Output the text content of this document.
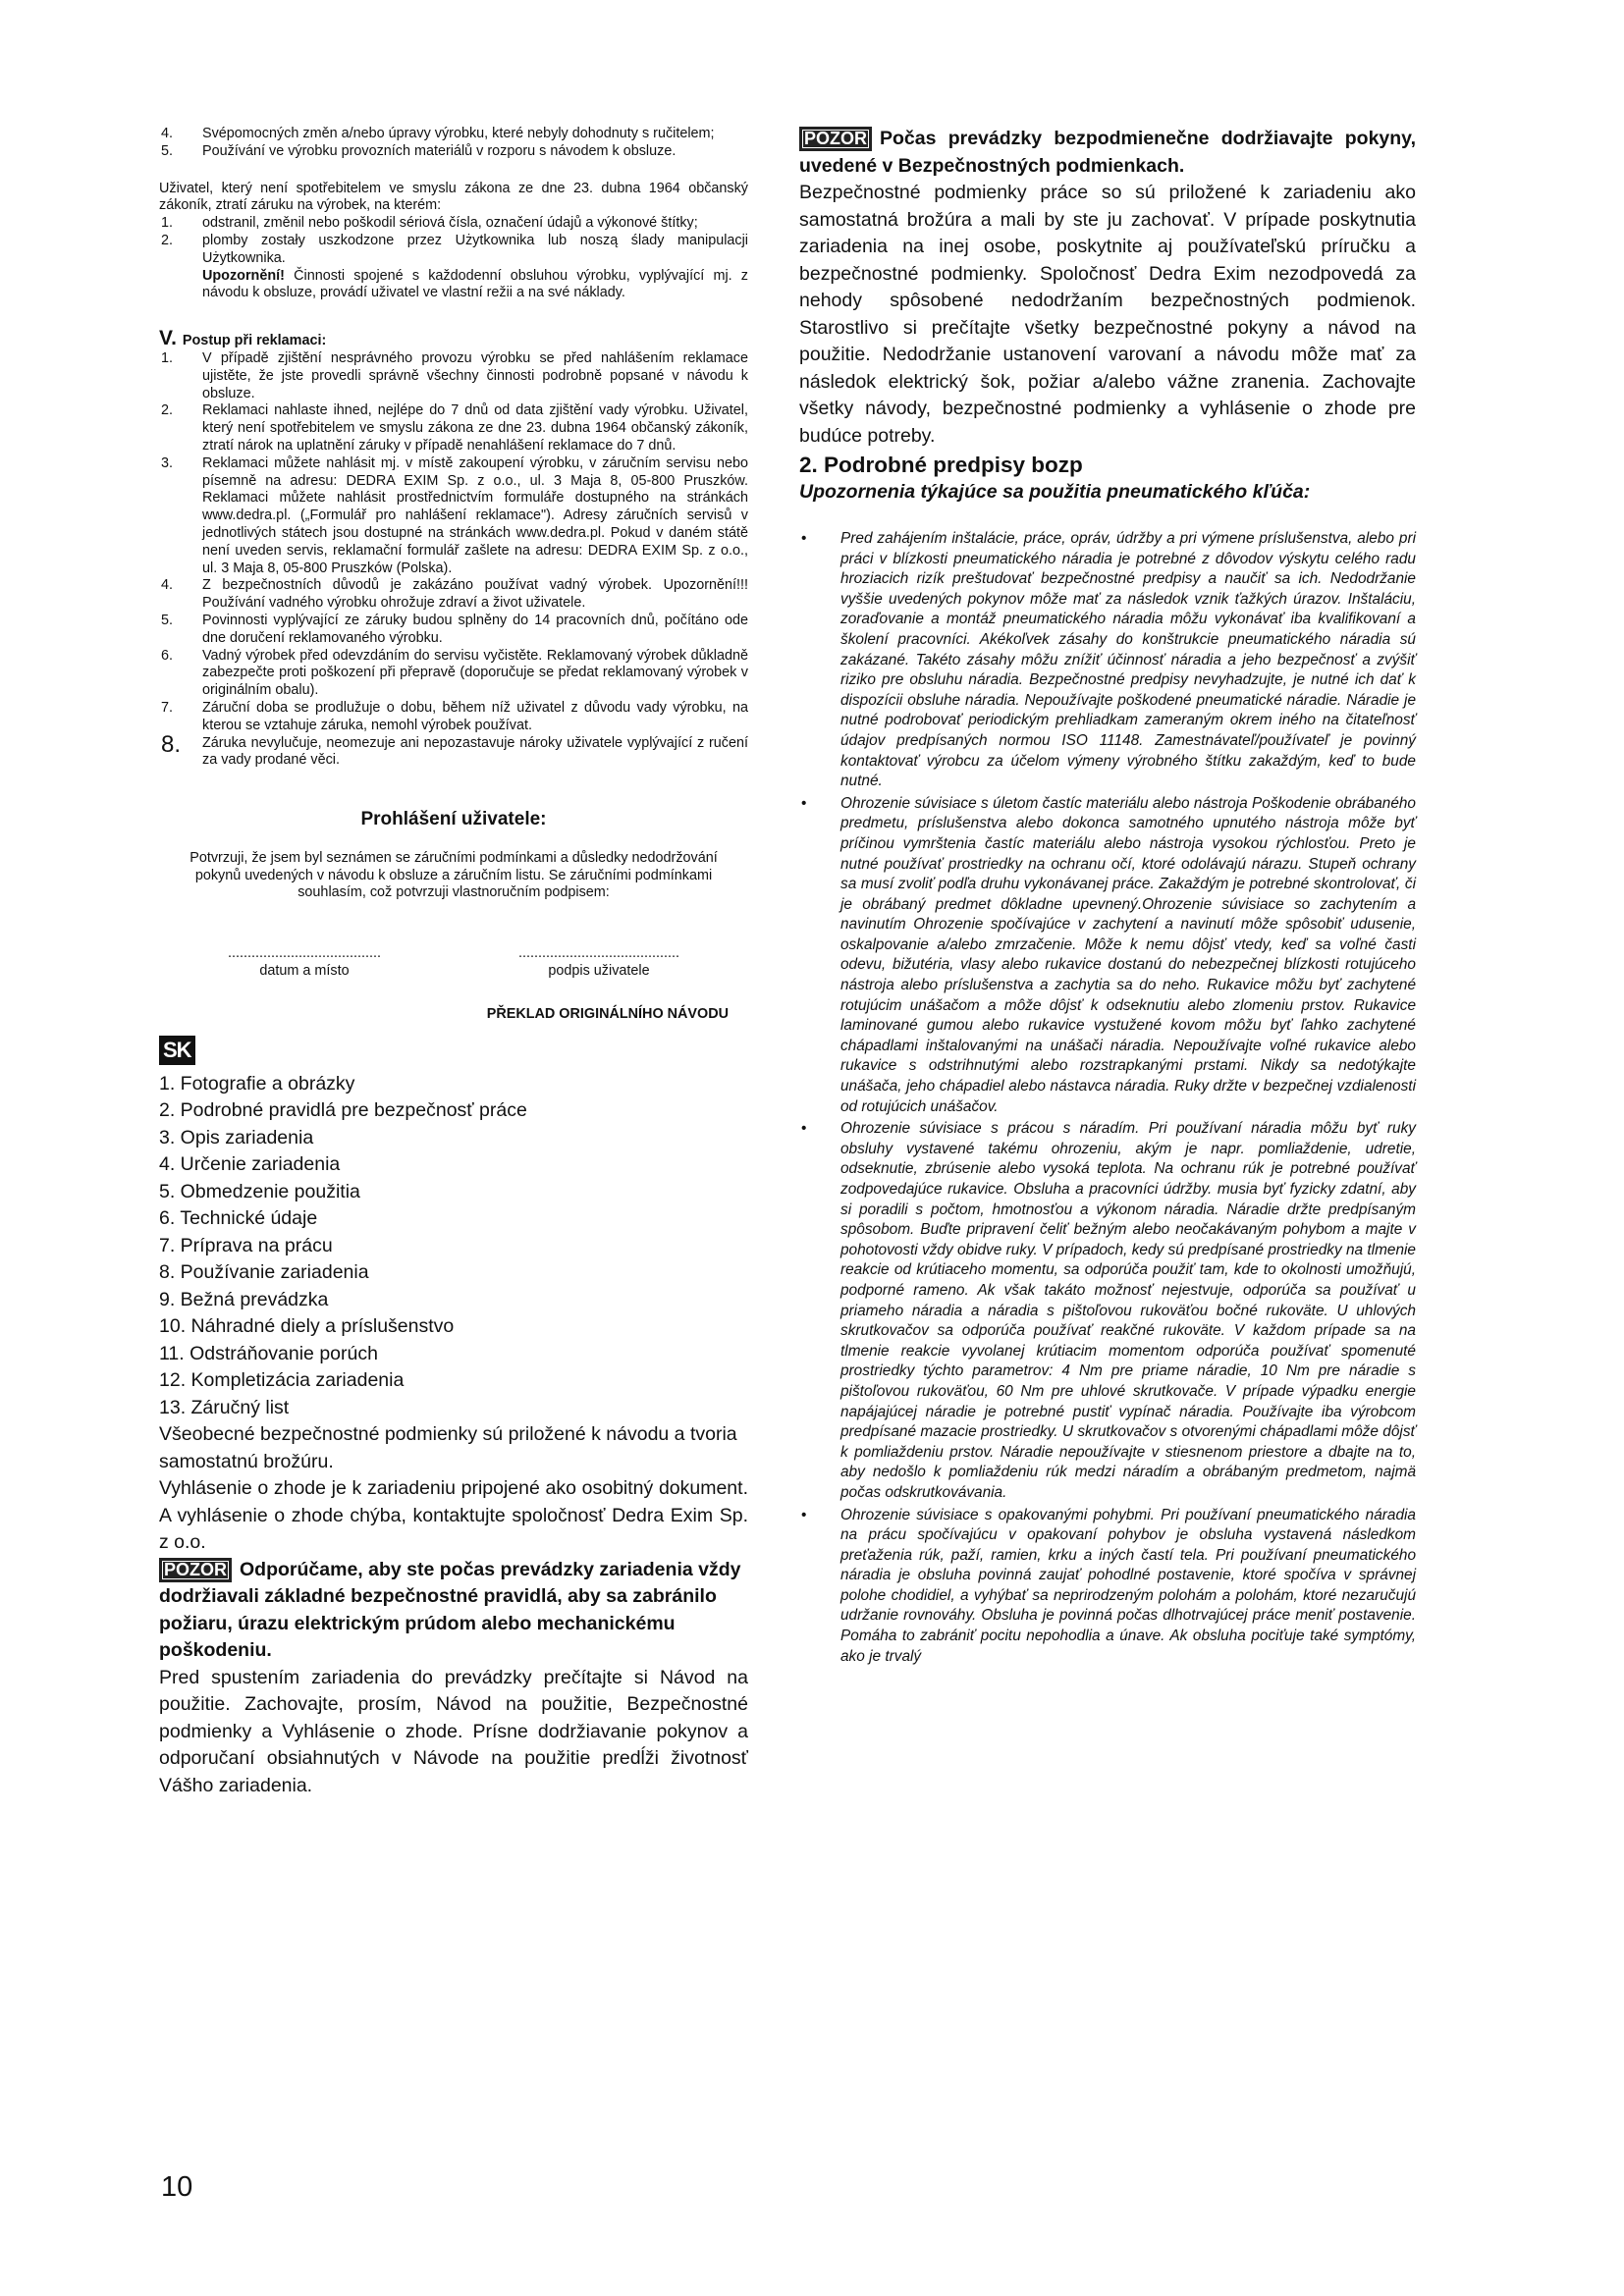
4. Svépomocných změn a/nebo úpravy výrobku, které nebyly dohodnuty s ručitelem;

5. Používání ve výrobku provozních materiálů v rozporu s návodem k obsluze.

Uživatel, který není spotřebitelem ve smyslu zákona ze dne 23. dubna 1964 občanský zákoník, ztratí záruku na výrobek, na kterém:

1. odstranil, změnil nebo poškodil sériová čísla, označení údajů a výkonové štítky;

2. plomby zostały uszkodzone przez Użytkownika lub noszą ślady manipulacji Użytkownika.

Upozornění! Činnosti spojené s každodenní obsluhou výrobku, vyplývající mj. z návodu k obsluze, provádí uživatel ve vlastní režii a na své náklady.

V. Postup při reklamaci:

1. V případě zjištění nesprávného provozu výrobku se před nahlášením reklamace ujistěte, že jste provedli správně všechny činnosti podrobně popsané v návodu k obsluze.

2. Reklamaci nahlaste ihned, nejlépe do 7 dnů od data zjištění vady výrobku. Uživatel, který není spotřebitelem ve smyslu zákona ze dne 23. dubna 1964 občanský zákoník, ztratí nárok na uplatnění záruky v případě nenahlášení reklamace do 7 dnů.

3. Reklamaci můžete nahlásit mj. v místě zakoupení výrobku, v záručním servisu nebo písemně na adresu: DEDRA EXIM Sp. z o.o., ul. 3 Maja 8, 05-800 Pruszków. Reklamaci můžete nahlásit prostřednictvím formuláře dostupného na stránkách www.dedra.pl. („Formulář pro nahlášení reklamace"). Adresy záručních servisů v jednotlivých státech jsou dostupné na stránkách www.dedra.pl. Pokud v daném státě není uveden servis, reklamační formulář zašlete na adresu: DEDRA EXIM Sp. z o.o., ul. 3 Maja 8, 05-800 Pruszków (Polska).

4. Z bezpečnostních důvodů je zakázáno používat vadný výrobek. Upozornění!!! Používání vadného výrobku ohrožuje zdraví a život uživatele.

5. Povinnosti vyplývající ze záruky budou splněny do 14 pracovních dnů, počítáno ode dne doručení reklamovaného výrobku.

6. Vadný výrobek před odevzdáním do servisu vyčistěte. Reklamovaný výrobek důkladně zabezpečte proti poškození při přepravě (doporučuje se předat reklamovaný výrobek v originálním obalu).

7. Záruční doba se prodlužuje o dobu, během níž uživatel z důvodu vady výrobku, na kterou se vztahuje záruka, nemohl výrobek používat.

8. Záruka nevylučuje, neomezuje ani nepozastavuje nároky uživatele vyplývající z ručení za vady prodané věci.

Prohlášení uživatele:

Potvrzuji, že jsem byl seznámen se záručními podmínkami a důsledky nedodržování pokynů uvedených v návodu k obsluze a záručním listu. Se záručními podmínkami souhlasím, což potvrzuji vlastnoručním podpisem:

.......................................
datum a místo
.........................................
podpis uživatele
PŘEKLAD ORIGINÁLNÍHO NÁVODU
SK
1. Fotografie a obrázky
2. Podrobné pravidlá pre bezpečnosť práce
3. Opis zariadenia
4. Určenie zariadenia
5. Obmedzenie použitia
6. Technické údaje
7. Príprava na prácu
8. Používanie zariadenia
9. Bežná prevádzka
10. Náhradné diely a príslušenstvo
11. Odstráňovanie porúch
12. Kompletizácia zariadenia
13. Záručný list

Všeobecné bezpečnostné podmienky sú priložené k návodu a tvoria samostatnú brožúru.

Vyhlásenie o zhode je k zariadeniu pripojené ako osobitný dokument. A vyhlásenie o zhode chýba, kontaktujte spoločnosť Dedra Exim Sp. z o.o.

POZOR Odporúčame, aby ste počas prevádzky zariadenia vždy dodržiavali základné bezpečnostné pravidlá, aby sa zabránilo požiaru, úrazu elektrickým prúdom alebo mechanickému poškodeniu.

Pred spustením zariadenia do prevádzky prečítajte si Návod na použitie. Zachovajte, prosím, Návod na použitie, Bezpečnostné podmienky a Vyhlásenie o zhode. Prísne dodržiavanie pokynov a odporučaní obsiahnutých v Návode na použitie predĺži životnosť Vášho zariadenia.

POZOR Počas prevádzky bezpodmienečne dodržiavajte pokyny, uvedené v Bezpečnostných podmienkach.

Bezpečnostné podmienky práce so sú priložené k zariadeniu ako samostatná brožúra a mali by ste ju zachovať. V prípade poskytnutia zariadenia na inej osobe, poskytnite aj používateľskú príručku a bezpečnostné podmienky. Spoločnosť Dedra Exim nezodpovedá za nehody spôsobené nedodržaním bezpečnostných podmienok. Starostlivo si prečítajte všetky bezpečnostné pokyny a návod na použitie. Nedodržanie ustanovení varovaní a návodu môže mať za následok elektrický šok, požiar a/alebo vážne zranenia. Zachovajte všetky návody, bezpečnostné podmienky a vyhlásenie o zhode pre budúce potreby.

2. Podrobné predpisy bozp
Upozornenia týkajúce sa použitia pneumatického kľúča:
• Pred zahájením inštalácie, práce, opráv, údržby a pri výmene príslušenstva, alebo pri práci v blízkosti pneumatického náradia je potrebné z dôvodov výskytu celého radu hroziacich rizík preštudovať bezpečnostné predpisy a naučiť sa ich. Nedodržanie vyššie uvedených pokynov môže mať za následok vznik ťažkých úrazov. Inštaláciu, zoraďovanie a montáž pneumatického náradia môžu vykonávať iba kvalifikovaní a školení pracovníci. Akékoľvek zásahy do konštrukcie pneumatického náradia sú zakázané. Takéto zásahy môžu znížiť účinnosť náradia a jeho bezpečnosť a zvýšiť riziko pre obsluhu náradia. Bezpečnostné predpisy nevyhadzujte, je nutné ich dať k dispozícii obsluhe náradia. Nepoužívajte poškodené pneumatické náradie. Náradie je nutné podrobovať periodickým prehliadkam zameraným okrem iného na čitateľnosť údajov predpísaných normou ISO 11148. Zamestnávateľ/používateľ je povinný kontaktovať výrobcu za účelom výmeny výrobného štítku zakaždým, keď to bude nutné.
• Ohrozenie súvisiace s úletom častíc materiálu alebo nástroja Poškodenie obrábaného predmetu, príslušenstva alebo dokonca samotného upnutého nástroja môže byť príčinou vymrštenia častíc materiálu alebo nástroja vysokou rýchlosťou. Preto je nutné používať prostriedky na ochranu očí, ktoré odolávajú nárazu. Stupeň ochrany sa musí zvoliť podľa druhu vykonávanej práce. Zakaždým je potrebné skontrolovať, či je obrábaný predmet dôkladne upevnený.Ohrozenie súvisiace so zachytením a navinutím Ohrozenie spočívajúce v zachytení a navinutí môže spôsobiť udusenie, oskalpovanie a/alebo zmrzačenie. Môže k nemu dôjsť vtedy, keď sa voľné časti odevu, bižutéria, vlasy alebo rukavice dostanú do nebezpečnej blízkosti rotujúceho nástroja alebo príslušenstva a zachytia sa do neho. Rukavice môžu byť zachytené rotujúcim unášačom a môže dôjsť k odseknutiu alebo zlomeniu prstov. Rukavice laminované gumou alebo rukavice vystužené kovom môžu byť ľahko zachytené chápadlami inštalovanými na unášači náradia. Nepoužívajte voľné rukavice alebo rukavice s odstrihnutými alebo rozstrapkanými prstami. Nikdy sa nedotýkajte unášača, jeho chápadiel alebo nástavca náradia. Ruky držte v bezpečnej vzdialenosti od rotujúcich unášačov.
• Ohrozenie súvisiace s prácou s náradím. Pri používaní náradia môžu byť ruky obsluhy vystavené takému ohrozeniu, akým je napr. pomliaždenie, udretie, odseknutie, zbrúsenie alebo vysoká teplota. Na ochranu rúk je potrebné používať zodpovedajúce rukavice. Obsluha a pracovníci údržby. musia byť fyzicky zdatní, aby si poradili s počtom, hmotnosťou a výkonom náradia. Náradie držte predpísaným spôsobom. Buďte pripravení čeliť bežným alebo neočakávaným pohybom a majte v pohotovosti vždy obidve ruky. V prípadoch, kedy sú predpísané prostriedky na tlmenie reakcie od krútiaceho momentu, sa odporúča použiť tam, kde to okolnosti umožňujú, podporné rameno. Ak však takáto možnosť nejestvuje, odporúča sa používať u priameho náradia a náradia s pištoľovou rukoväťou bočné rukoväte. U uhlových skrutkovačov sa odporúča používať reakčné rukoväte. V každom prípade sa na tlmenie reakcie vyvolanej krútiacim momentom odporúča používať spomenuté prostriedky týchto parametrov: 4 Nm pre priame náradie, 10 Nm pre náradie s pištoľovou rukoväťou, 60 Nm pre uhlové skrutkovače. V prípade výpadku energie napájajúcej náradie je potrebné pustiť vypínač náradia. Používajte iba výrobcom predpísané mazacie prostriedky. U skrutkovačov s otvorenými chápadlami môže dôjsť k pomliaždeniu prstov. Náradie nepoužívajte v stiesnenom priestore a dbajte na to, aby nedošlo k pomliaždeniu rúk medzi náradím a obrábaným predmetom, najmä počas odskrutkovávania.
• Ohrozenie súvisiace s opakovanými pohybmi. Pri používaní pneumatického náradia na prácu spočívajúcu v opakovaní pohybov je obsluha vystavená následkom preťaženia rúk, paží, ramien, krku a iných častí tela. Pri používaní pneumatického náradia je obsluha povinná zaujať pohodlné postavenie, ktoré spočíva v správnej polohe chodidiel, a vyhýbať sa neprirodzeným polohám a polohám, ktoré nezaručujú udržanie rovnováhy. Obsluha je povinná počas dlhotrvajúcej práce meniť postavenie. Pomáha to zabrániť pocitu nepohodlia a únave. Ak obsluha pociťuje také symptómy, ako je trvalý
10
